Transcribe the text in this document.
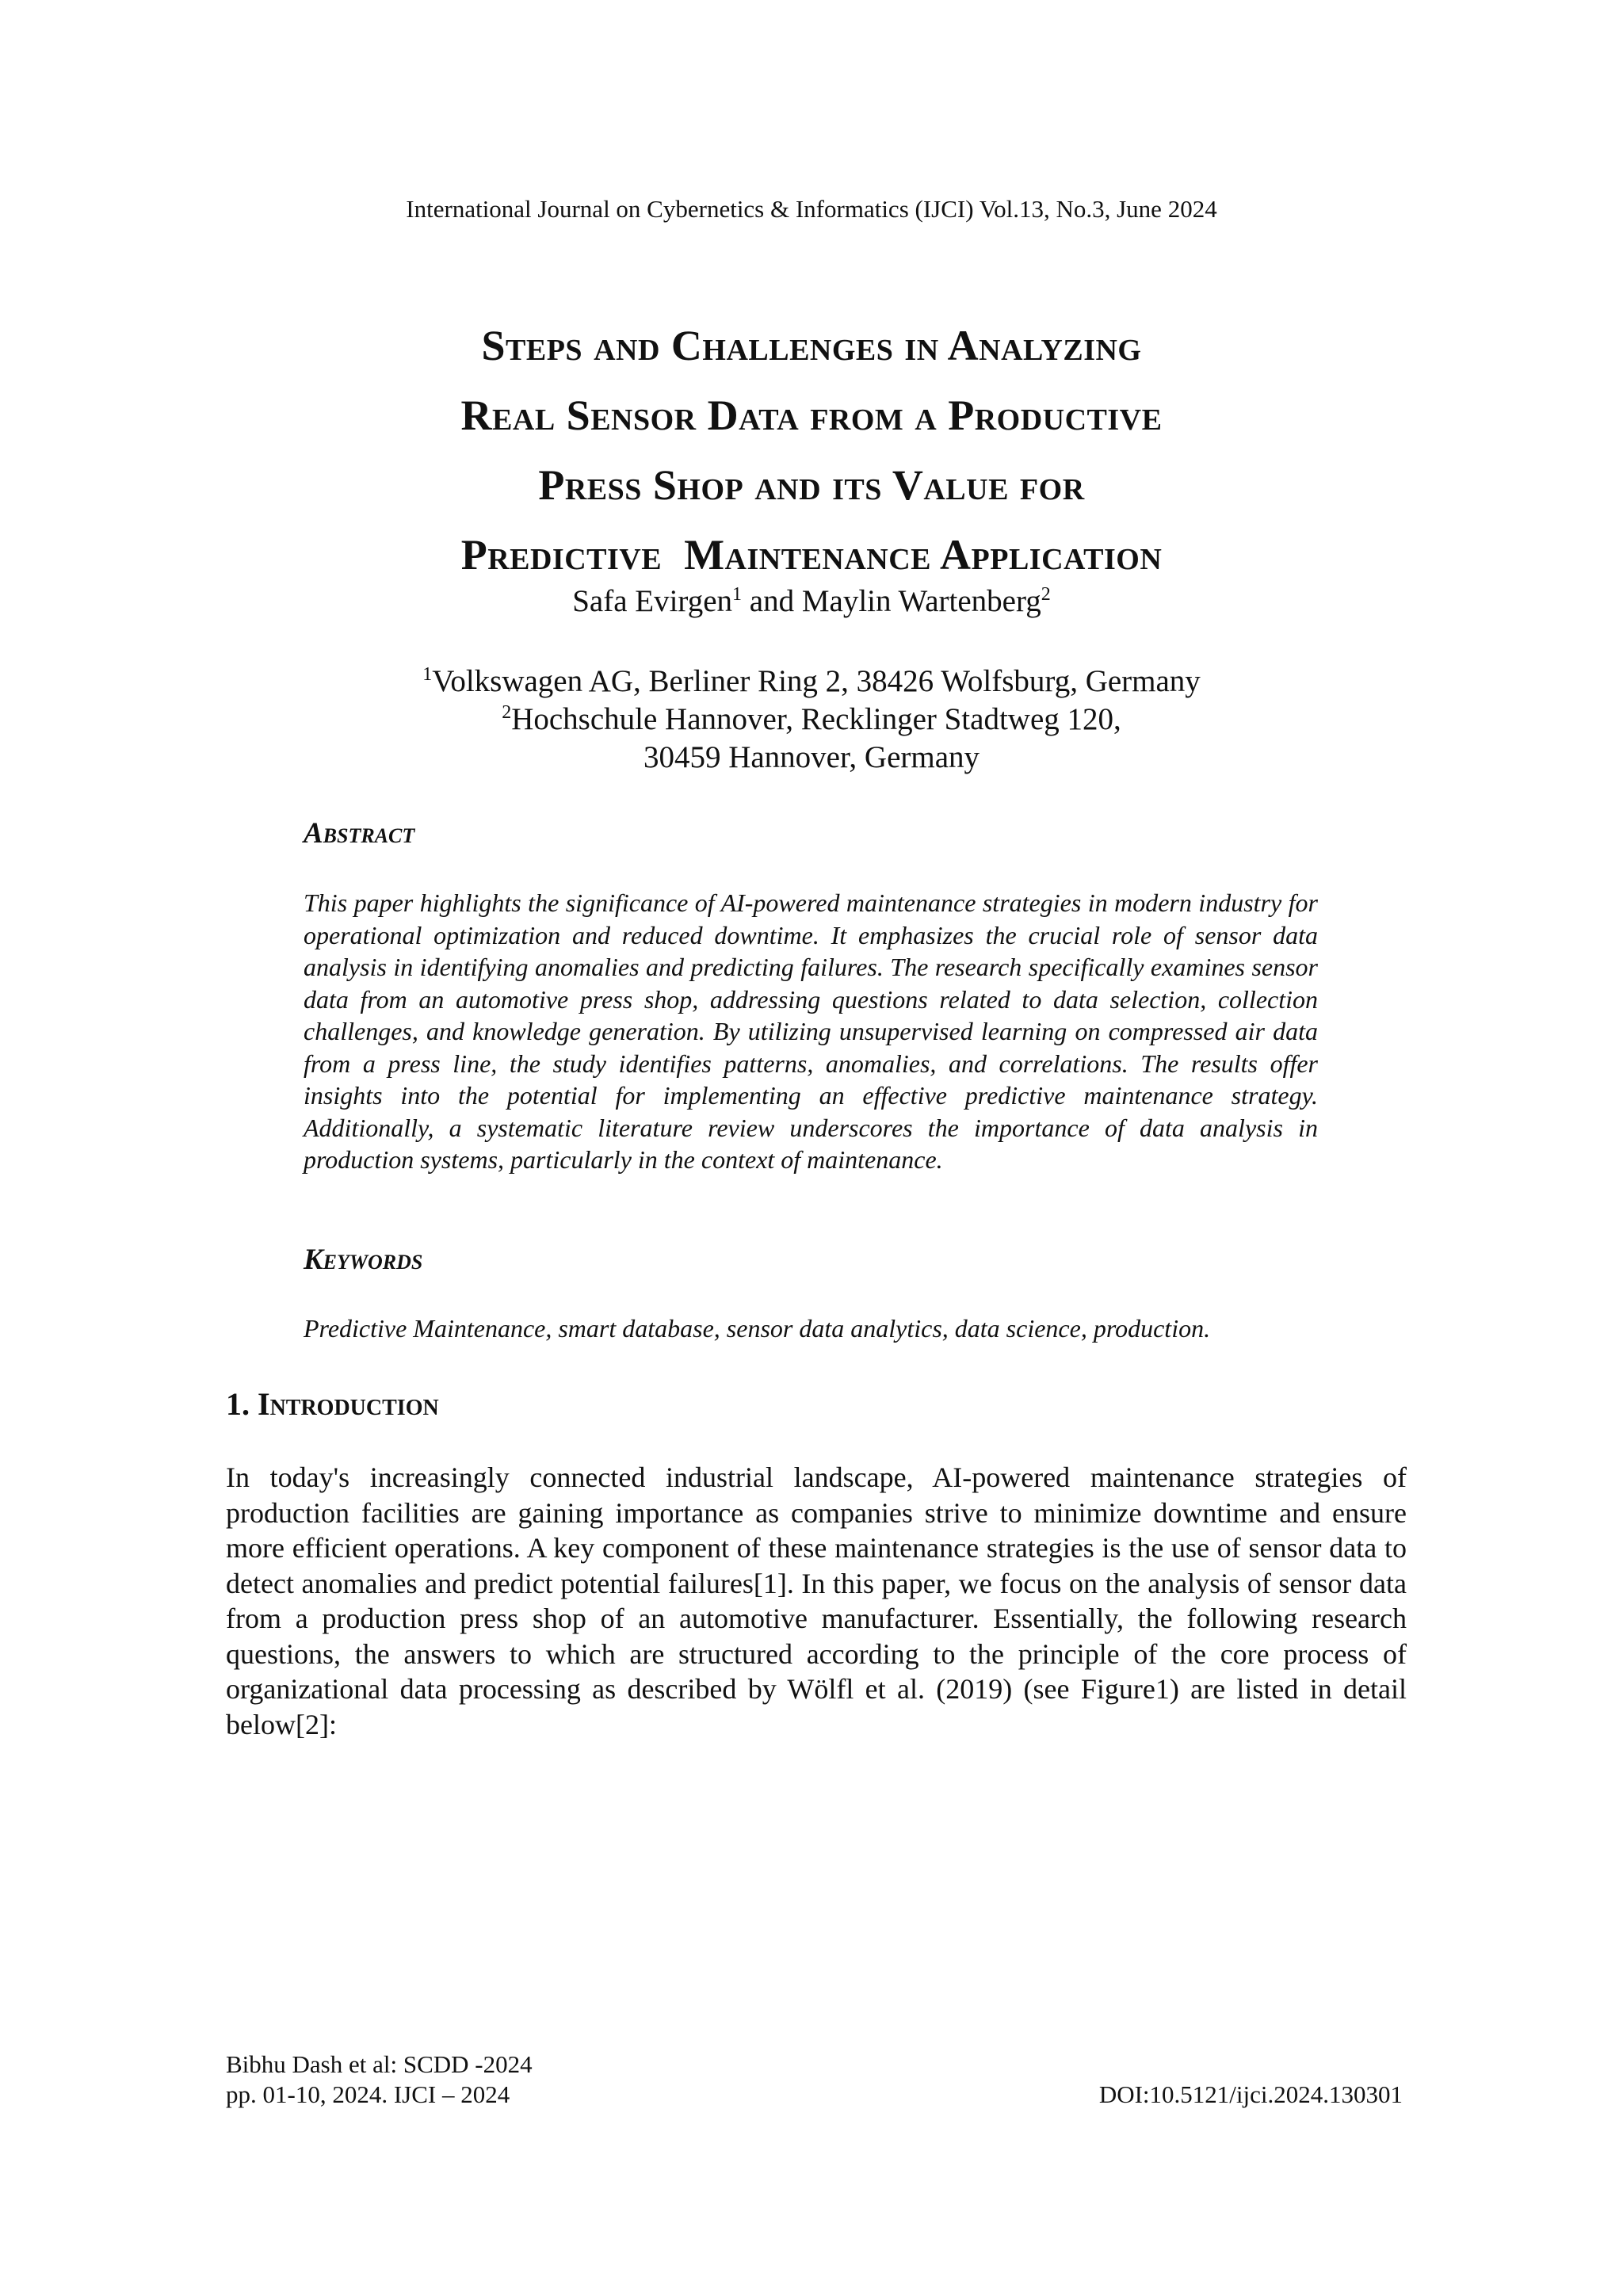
International Journal on Cybernetics & Informatics (IJCI) Vol.13, No.3, June 2024
Steps and Challenges in Analyzing
Real Sensor Data from a Productive
Press Shop and its Value for
Predictive  Maintenance Application
Safa Evirgen$^1$ and Maylin Wartenberg$^2$
$^1$Volkswagen AG, Berliner Ring 2, 38426 Wolfsburg, Germany
$^2$Hochschule Hannover, Recklinger Stadtweg 120,
30459 Hannover, Germany
Abstract
This paper highlights the significance of AI-powered maintenance strategies in modern industry for operational optimization and reduced downtime. It emphasizes the crucial role of sensor data analysis in identifying anomalies and predicting failures. The research specifically examines sensor data from an automotive press shop, addressing questions related to data selection, collection challenges, and knowledge generation. By utilizing unsupervised learning on compressed air data from a press line, the study identifies patterns, anomalies, and correlations. The results offer insights into the potential for implementing an effective predictive maintenance strategy. Additionally, a systematic literature review underscores the importance of data analysis in production systems, particularly in the context of maintenance.
Keywords
Predictive Maintenance, smart database, sensor data analytics, data science, production.
1. Introduction
In today's increasingly connected industrial landscape, AI-powered maintenance strategies of production facilities are gaining importance as companies strive to minimize downtime and ensure more efficient operations. A key component of these maintenance strategies is the use of sensor data to detect anomalies and predict potential failures[1]. In this paper, we focus on the analysis of sensor data from a production press shop of an automotive manufacturer. Essentially, the following research questions, the answers to which are structured according to the principle of the core process of organizational data processing as described by Wölfl et al. (2019) (see Figure1) are listed in detail below[2]:
Bibhu Dash et al: SCDD -2024
pp. 01-10, 2024. IJCI – 2024	DOI:10.5121/ijci.2024.130301
